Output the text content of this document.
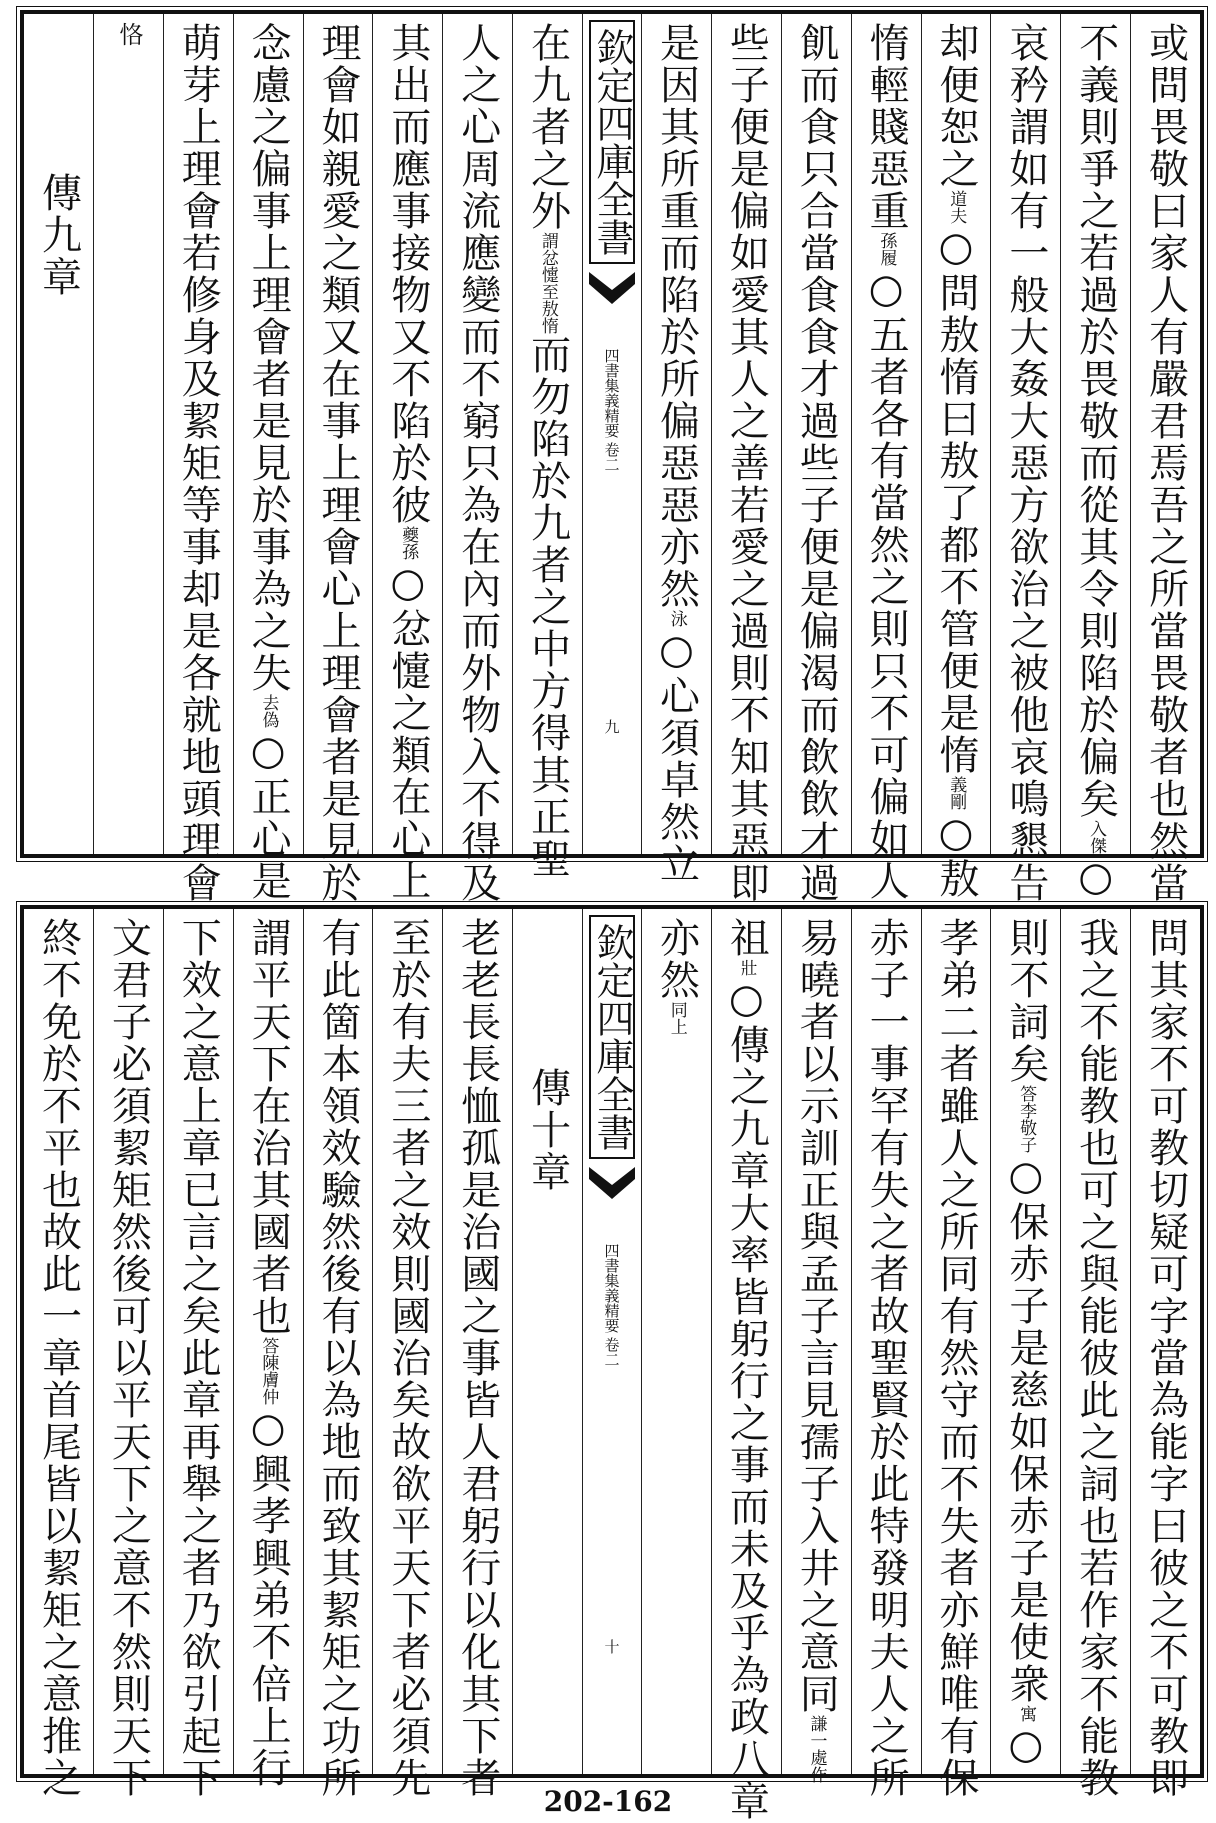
或問畏敬曰家人有嚴君焉吾之所當畏敬者也然當
不義則爭之若過於畏敬而從其令則陷於偏矣
入傑
○
哀矜謂如有一般大姦大惡方欲治之被他哀鳴懇告
却便恕之
道夫
○問敖惰曰敖了都不管便是惰
義剛
○敖
惰輕賤惡重
孫履
○五者各有當然之則只不可偏如人
飢而食只合當食食才過些子便是偏渴而飲飲才過
些子便是偏如愛其人之善若愛之過則不知其惡即
是因其所重而陷於所偏惡惡亦然
泳
○心須卓然立
欽定四庫全書
四書集義精要
卷二
九
在九者之外
謂忿懥至敖惰
而勿陷於九者之中方得其正聖
人之心周流應變而不窮只為在內而外物入不得及
其出而應事接物又不陷於彼
夔孫
○忿懥之類在心上
理會如親愛之類又在事上理會心上理會者是見於
念慮之偏事上理會者是見於事為之失
去偽
○正心是
萌芽上理會若修身及絜矩等事却是各就地頭理會
恪
傳九章
問其家不可教切疑可字當為能字曰彼之不可教即
我之不能教也可之與能彼此之詞也若作家不能教
則不詞矣
答李敬子
○保赤子是慈如保赤子是使衆
寓
○
孝弟二者雖人之所同有然守而不失者亦鮮唯有保
赤子一事罕有失之者故聖賢於此特發明夫人之所
易曉者以示訓正與孟子言見孺子入井之意同
謙一處作
祖
壯
○傳之九章大率皆躬行之事而未及乎為政八章
亦然
同上
欽定四庫全書
四書集義精要
卷二
十
傳十章
老老長長恤孤是治國之事皆人君躬行以化其下者
至於有夫三者之效則國治矣故欲平天下者必須先
有此箇本領效驗然後有以為地而致其絜矩之功所
謂平天下在治其國者也
答陳膚仲
○興孝興弟不倍上行
下效之意上章已言之矣此章再舉之者乃欲引起下
文君子必須絜矩然後可以平天下之意不然則天下
終不免於不平也故此一章首尾皆以絜矩之意推之
202-162
